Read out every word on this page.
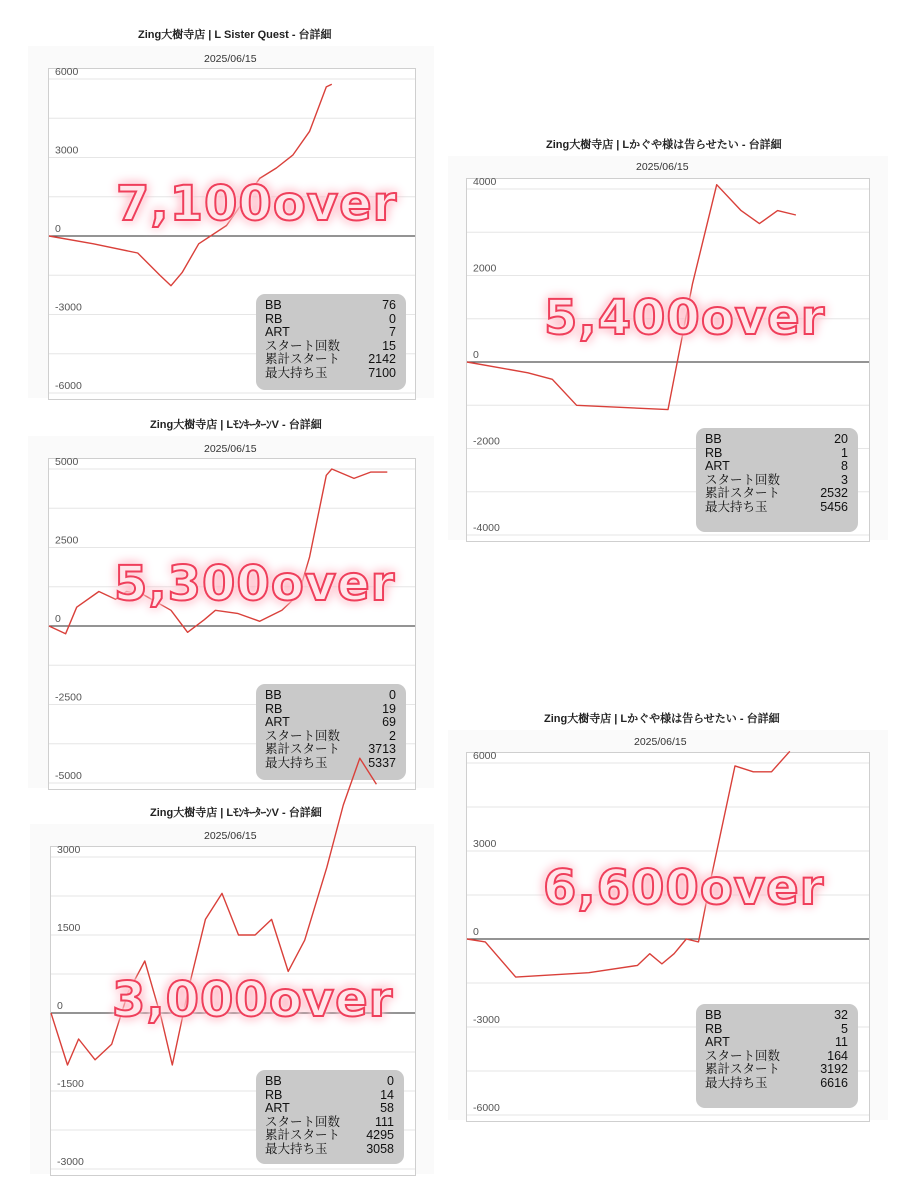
Zing大樹寺店 | L Sister Quest - 台詳細
2025/06/15
6000
3000
0
-3000
-6000
BB	76
RB	0
ART	7
スタート回数	15
累計スタート 2142
最大持ち玉	7100
7,100over
Zing大樹寺店 | Lかぐや様は告らせたい - 台詳細
2025/06/15
4000
2000
0
-2000
-4000
BB	20
RB	1
ART	8
スタート回数	3
累計スタート	2532
最大持ち玉	5456
5,400over
Zing大樹寺店 | LﾓﾝｷｰﾀｰﾝV - 台詳細
2025/06/15
5000
2500
0
-2500
-5000
BB	0
RB	19
ART	69
スタート回数	2
累計スタート 3713
最大持ち玉	5337
5,300over
Zing大樹寺店 | Lかぐや様は告らせたい - 台詳細
2025/06/15
6000
3000
0
-3000
-6000
BB	32
RB	5
ART	11
スタート回数	164
累計スタート	3192
最大持ち玉	6616
6,600over
Zing大樹寺店 | LﾓﾝｷｰﾀｰﾝV - 台詳細
2025/06/15
3000
1500
0
-1500
-3000
BB	0
RB	14
ART	58
スタート回数	111
累計スタート 4295
最大持ち玉	3058
3,000over
